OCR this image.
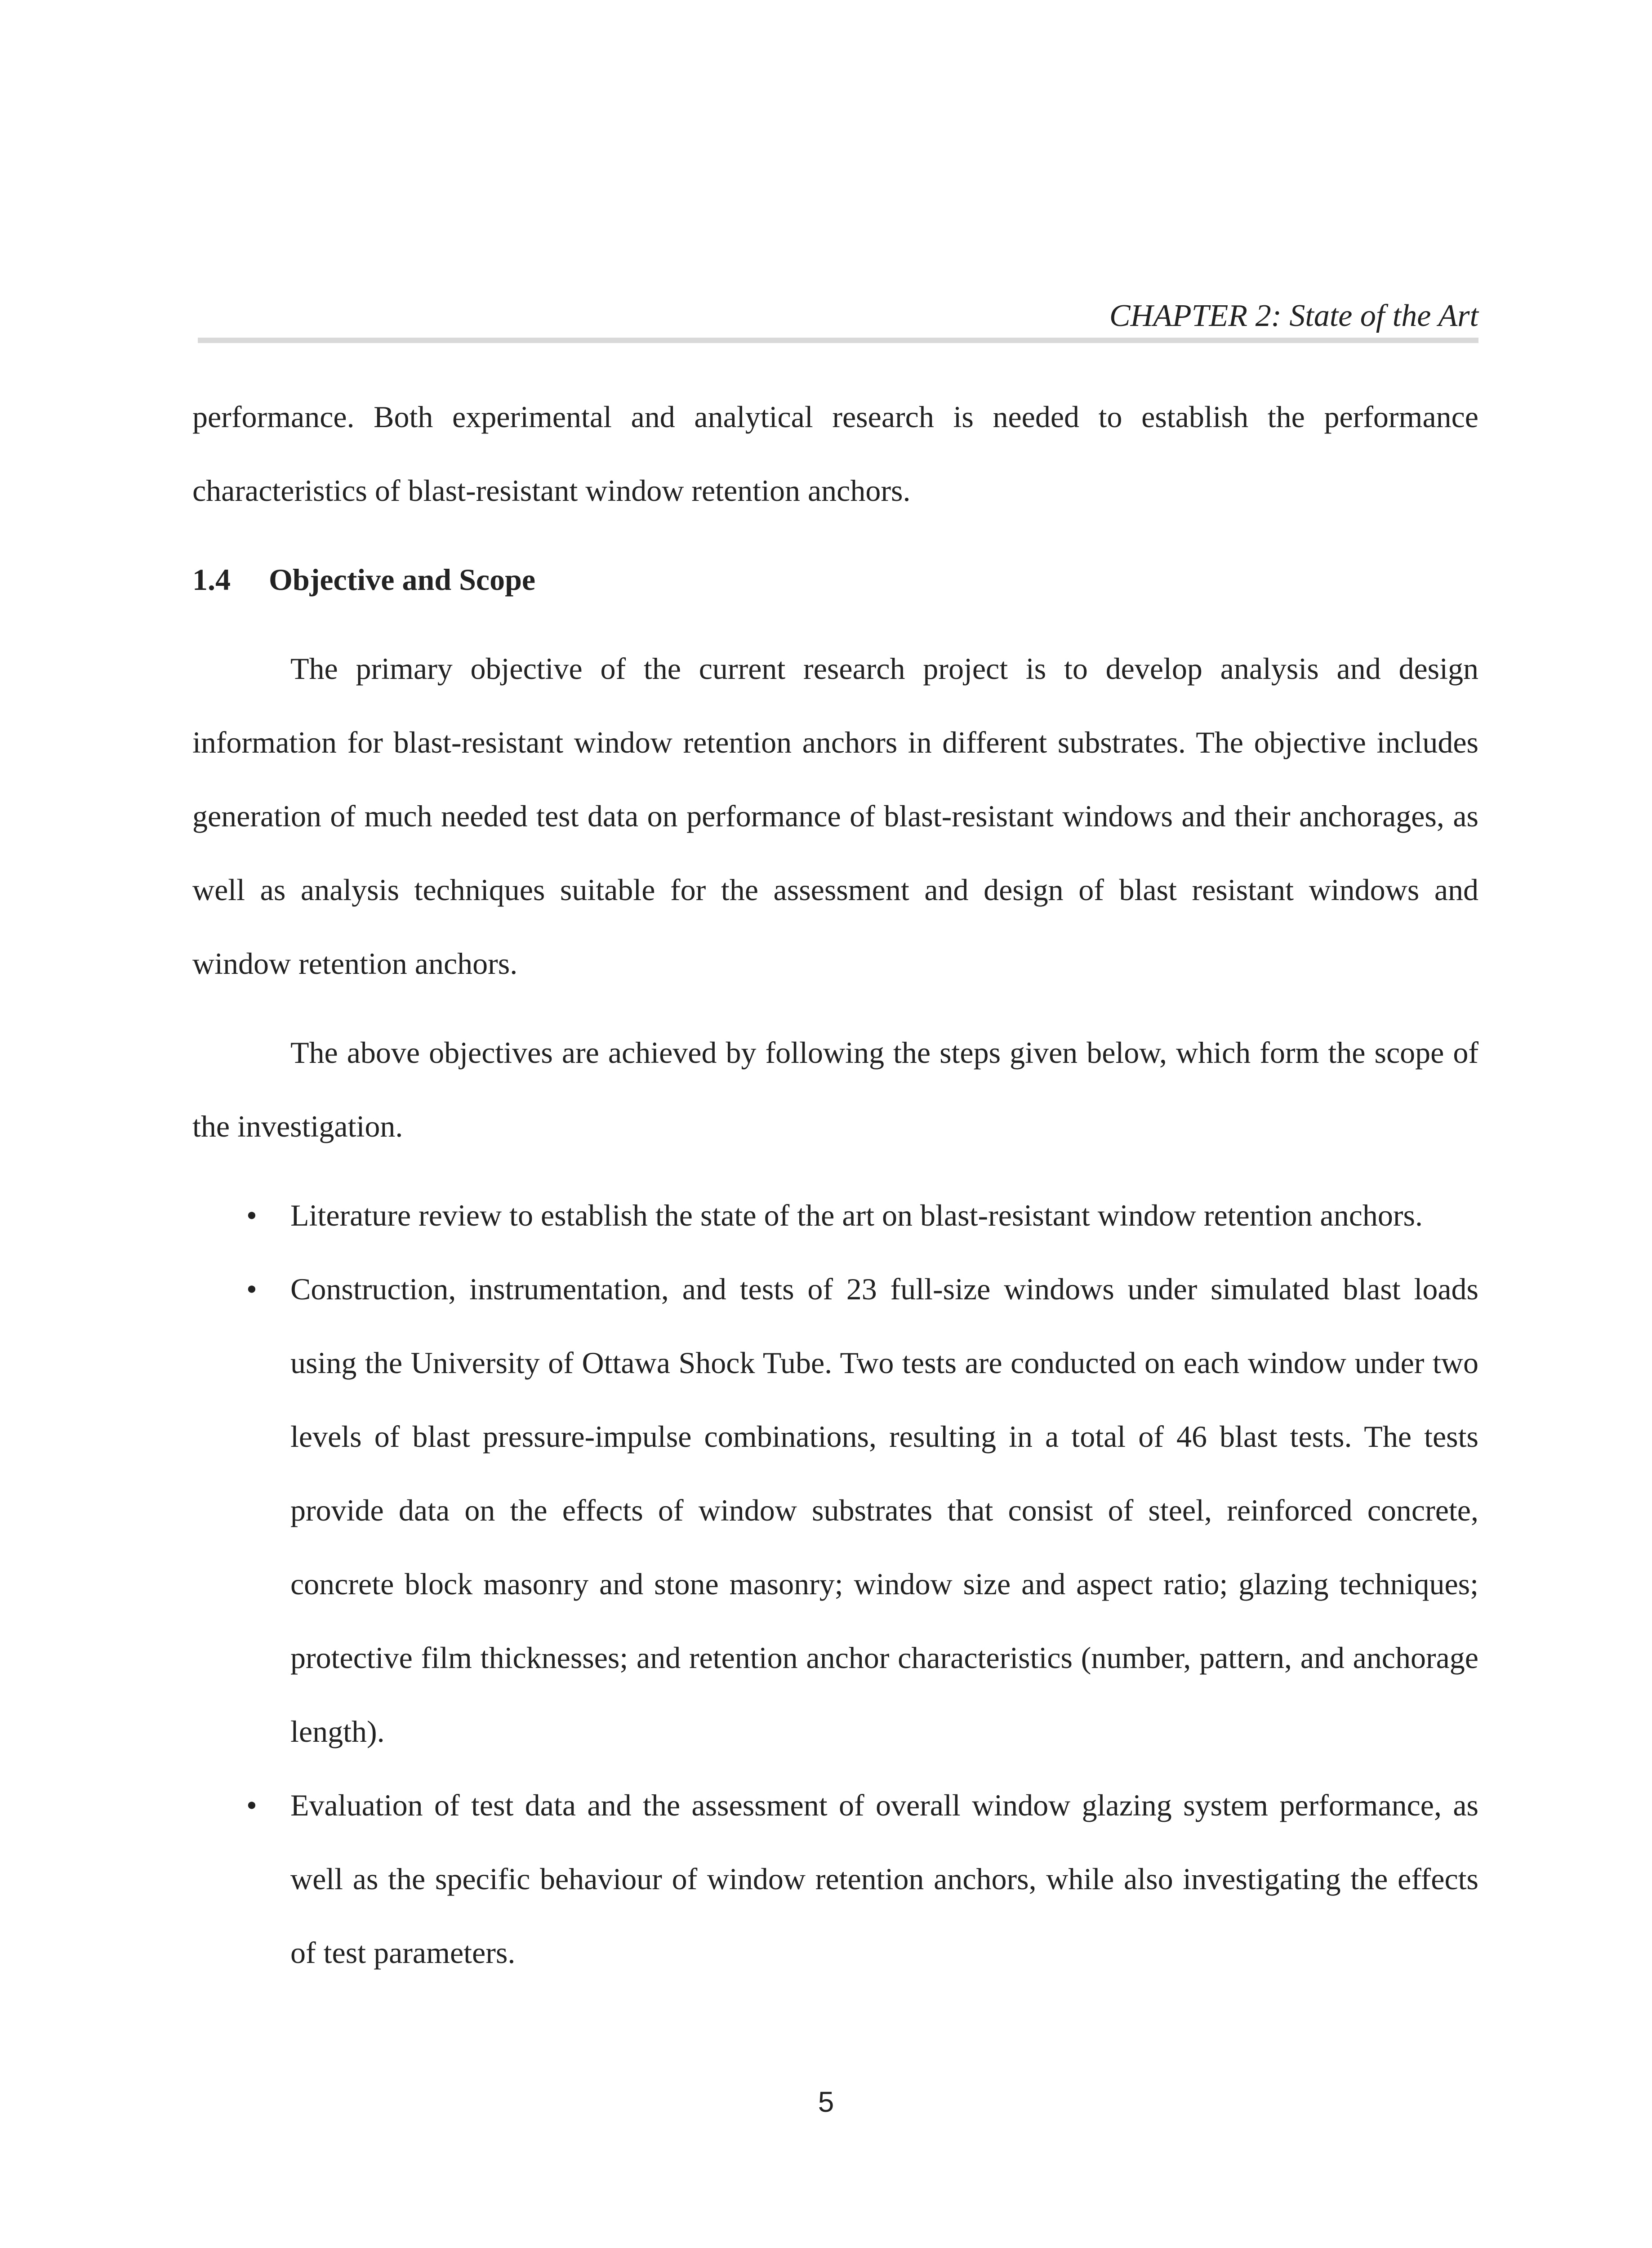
CHAPTER 2: State of the Art

performance. Both experimental and analytical research is needed to establish the performance characteristics of blast-resistant window retention anchors.

1.4	Objective and Scope

The primary objective of the current research project is to develop analysis and design information for blast-resistant window retention anchors in different substrates. The objective includes generation of much needed test data on performance of blast-resistant windows and their anchorages, as well as analysis techniques suitable for the assessment and design of blast resistant windows and window retention anchors.

The above objectives are achieved by following the steps given below, which form the scope of the investigation.

• Literature review to establish the state of the art on blast-resistant window retention anchors.
• Construction, instrumentation, and tests of 23 full-size windows under simulated blast loads using the University of Ottawa Shock Tube. Two tests are conducted on each window under two levels of blast pressure-impulse combinations, resulting in a total of 46 blast tests. The tests provide data on the effects of window substrates that consist of steel, reinforced concrete, concrete block masonry and stone masonry; window size and aspect ratio; glazing techniques; protective film thicknesses; and retention anchor characteristics (number, pattern, and anchorage length).
• Evaluation of test data and the assessment of overall window glazing system performance, as well as the specific behaviour of window retention anchors, while also investigating the effects of test parameters.
5
